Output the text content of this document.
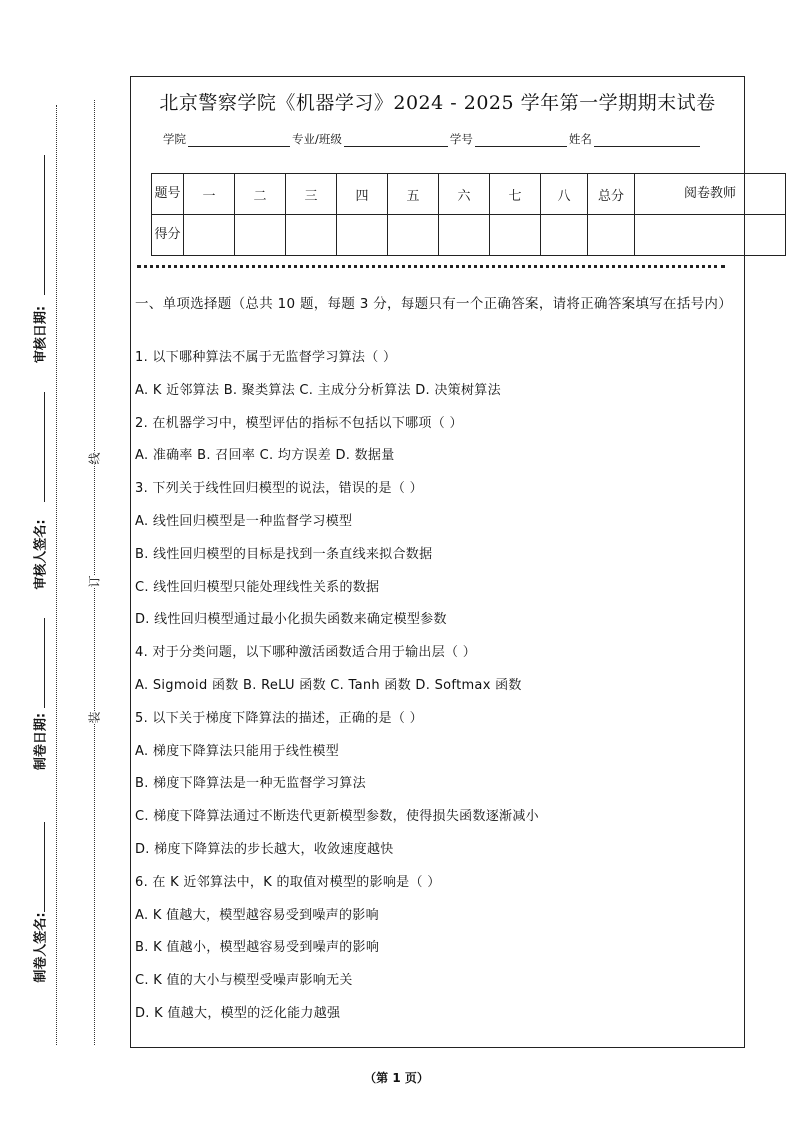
北京警察学院《机器学习》2024 - 2025 学年第一学期期末试卷
学院	专业/班级	学号	姓名
题号	一	二	三	四	五	六	七	八	总分	阅卷教师
得分										
一、单项选择题（总共 10 题，每题 3 分，每题只有一个正确答案，请将正确答案填写在括号内）
1. 以下哪种算法不属于无监督学习算法（ ）
A. K 近邻算法 B. 聚类算法 C. 主成分分析算法 D. 决策树算法
2. 在机器学习中，模型评估的指标不包括以下哪项（ ）
A. 准确率 B. 召回率 C. 均方误差 D. 数据量
3. 下列关于线性回归模型的说法，错误的是（ ）
A. 线性回归模型是一种监督学习模型
B. 线性回归模型的目标是找到一条直线来拟合数据
C. 线性回归模型只能处理线性关系的数据
D. 线性回归模型通过最小化损失函数来确定模型参数
4. 对于分类问题，以下哪种激活函数适合用于输出层（ ）
A. Sigmoid 函数 B. ReLU 函数 C. Tanh 函数 D. Softmax 函数
5. 以下关于梯度下降算法的描述，正确的是（ ）
A. 梯度下降算法只能用于线性模型
B. 梯度下降算法是一种无监督学习算法
C. 梯度下降算法通过不断迭代更新模型参数，使得损失函数逐渐减小
D. 梯度下降算法的步长越大，收敛速度越快
6. 在 K 近邻算法中，K 的取值对模型的影响是（ ）
A. K 值越大，模型越容易受到噪声的影响
B. K 值越小，模型越容易受到噪声的影响
C. K 值的大小与模型受噪声影响无关
D. K 值越大，模型的泛化能力越强
审核日期:
审核人签名:
制卷日期:
制卷人签名:
线
订
装
（第 1 页）
